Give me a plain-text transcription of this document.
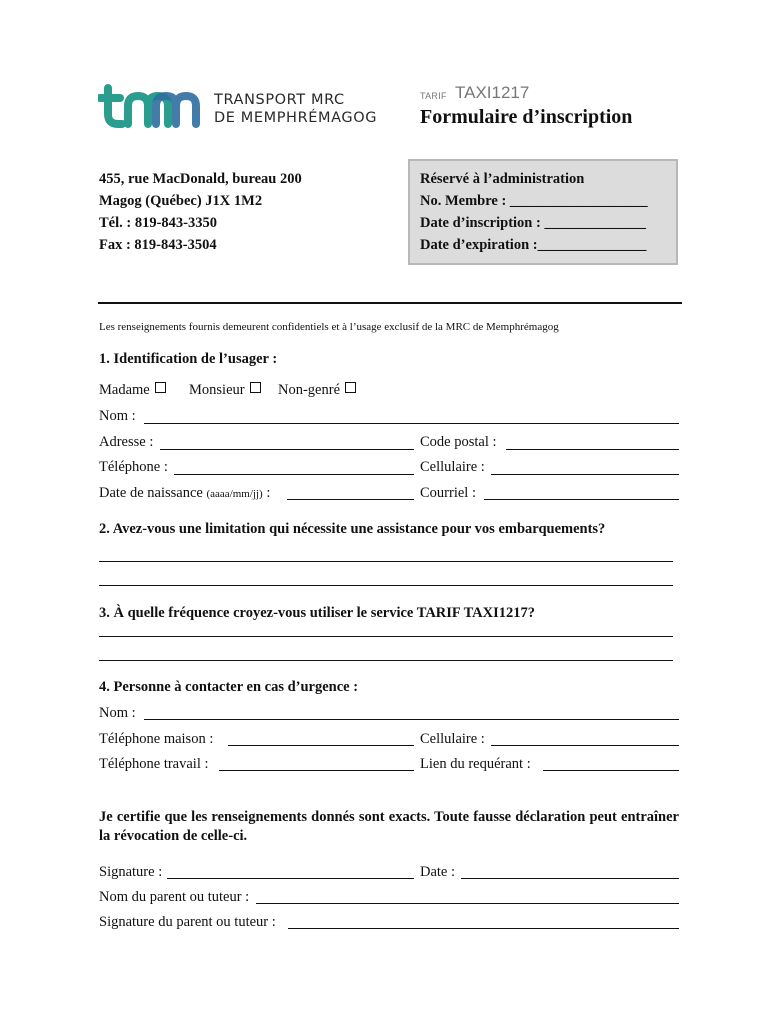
TRANSPORT MRC
DE MEMPHRÉMAGOG
TARIF TAXI1217
Formulaire d’inscription
455, rue MacDonald, bureau 200
Magog (Québec) J1X 1M2
Tél. : 819-843-3350
Fax : 819-843-3504
Réservé à l’administration
No. Membre : ___________________
Date d’inscription : ______________
Date d’expiration :_______________
Les renseignements fournis demeurent confidentiels et à l’usage exclusif de la MRC de Memphrémagog
1. Identification de l’usager :
Madame	Monsieur	Non-genré
Nom :
Adresse :	Code postal :
Téléphone :	Cellulaire :
Date de naissance (aaaa/mm/jj) :	Courriel :
2. Avez-vous une limitation qui nécessite une assistance pour vos embarquements?
3. À quelle fréquence croyez-vous utiliser le service TARIF TAXI1217?
4. Personne à contacter en cas d’urgence :
Nom :
Téléphone maison :	Cellulaire :
Téléphone travail :	Lien du requérant :
Je certifie que les renseignements donnés sont exacts. Toute fausse déclaration peut entraîner la révocation de celle-ci.
Signature :	Date :
Nom du parent ou tuteur :
Signature du parent ou tuteur :
